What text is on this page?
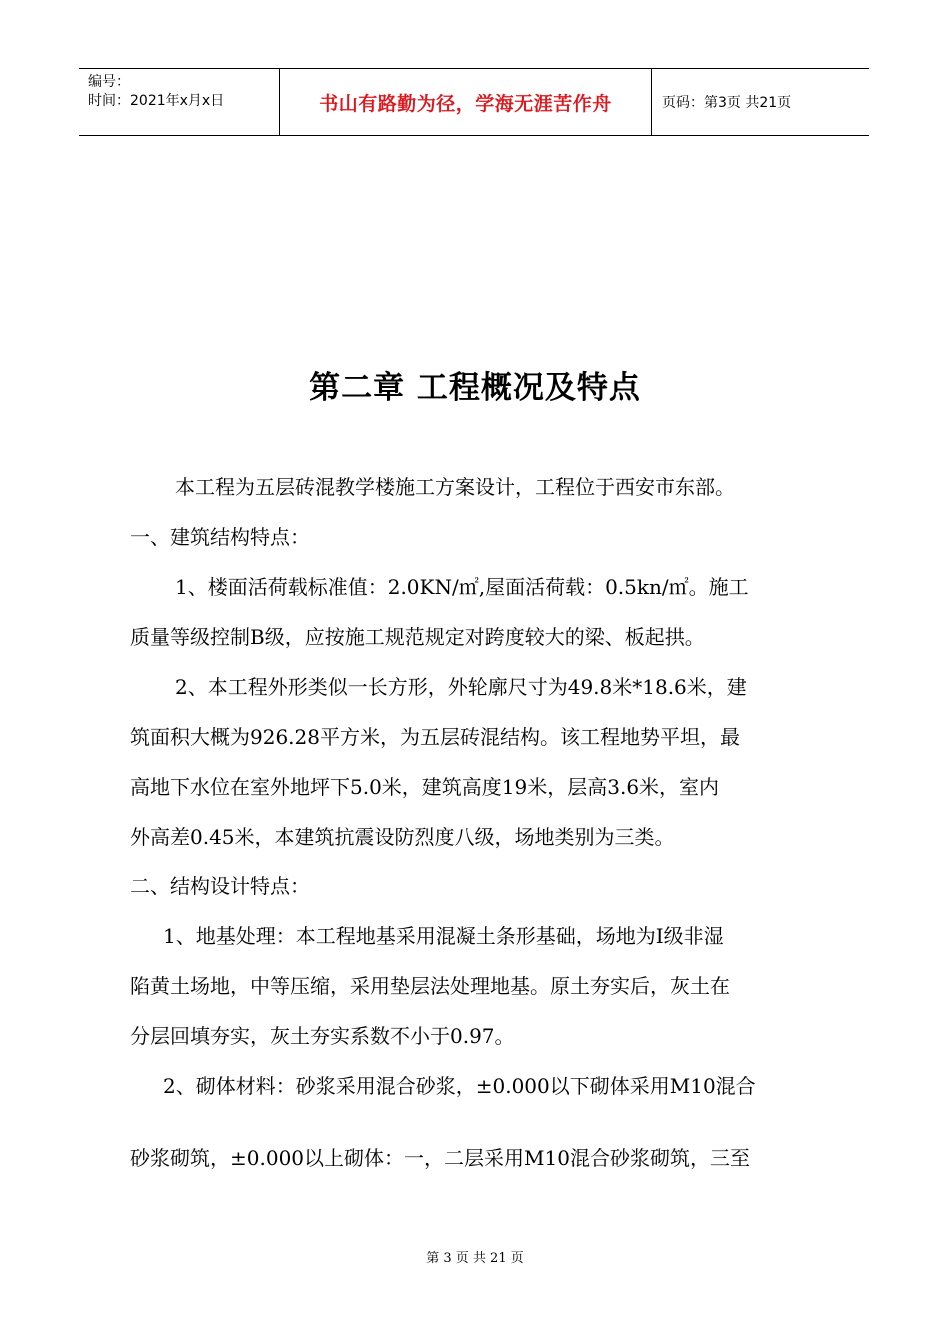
编号：
时间：2021年x月x日	书山有路勤为径，学海无涯苦作舟	页码：第3页 共21页
第二章 工程概况及特点
本工程为五层砖混教学楼施工方案设计，工程位于西安市东部。
一、建筑结构特点：
1、楼面活荷载标准值：2.0KN/㎡,屋面活荷载：0.5kn/㎡。施工
质量等级控制B级，应按施工规范规定对跨度较大的梁、板起拱。
2、本工程外形类似一长方形，外轮廓尺寸为49.8米*18.6米，建
筑面积大概为926.28平方米，为五层砖混结构。该工程地势平坦，最
高地下水位在室外地坪下5.0米，建筑高度19米，层高3.6米，室内
外高差0.45米，本建筑抗震设防烈度八级，场地类别为三类。
二、结构设计特点：
1、地基处理：本工程地基采用混凝土条形基础，场地为Ⅰ级非湿
陷黄土场地，中等压缩，采用垫层法处理地基。原土夯实后，灰土在
分层回填夯实，灰土夯实系数不小于0.97。
2、砌体材料：砂浆采用混合砂浆，±0.000以下砌体采用M10混合
砂浆砌筑，±0.000以上砌体：一，二层采用M10混合砂浆砌筑，三至
第 3 页 共 21 页
